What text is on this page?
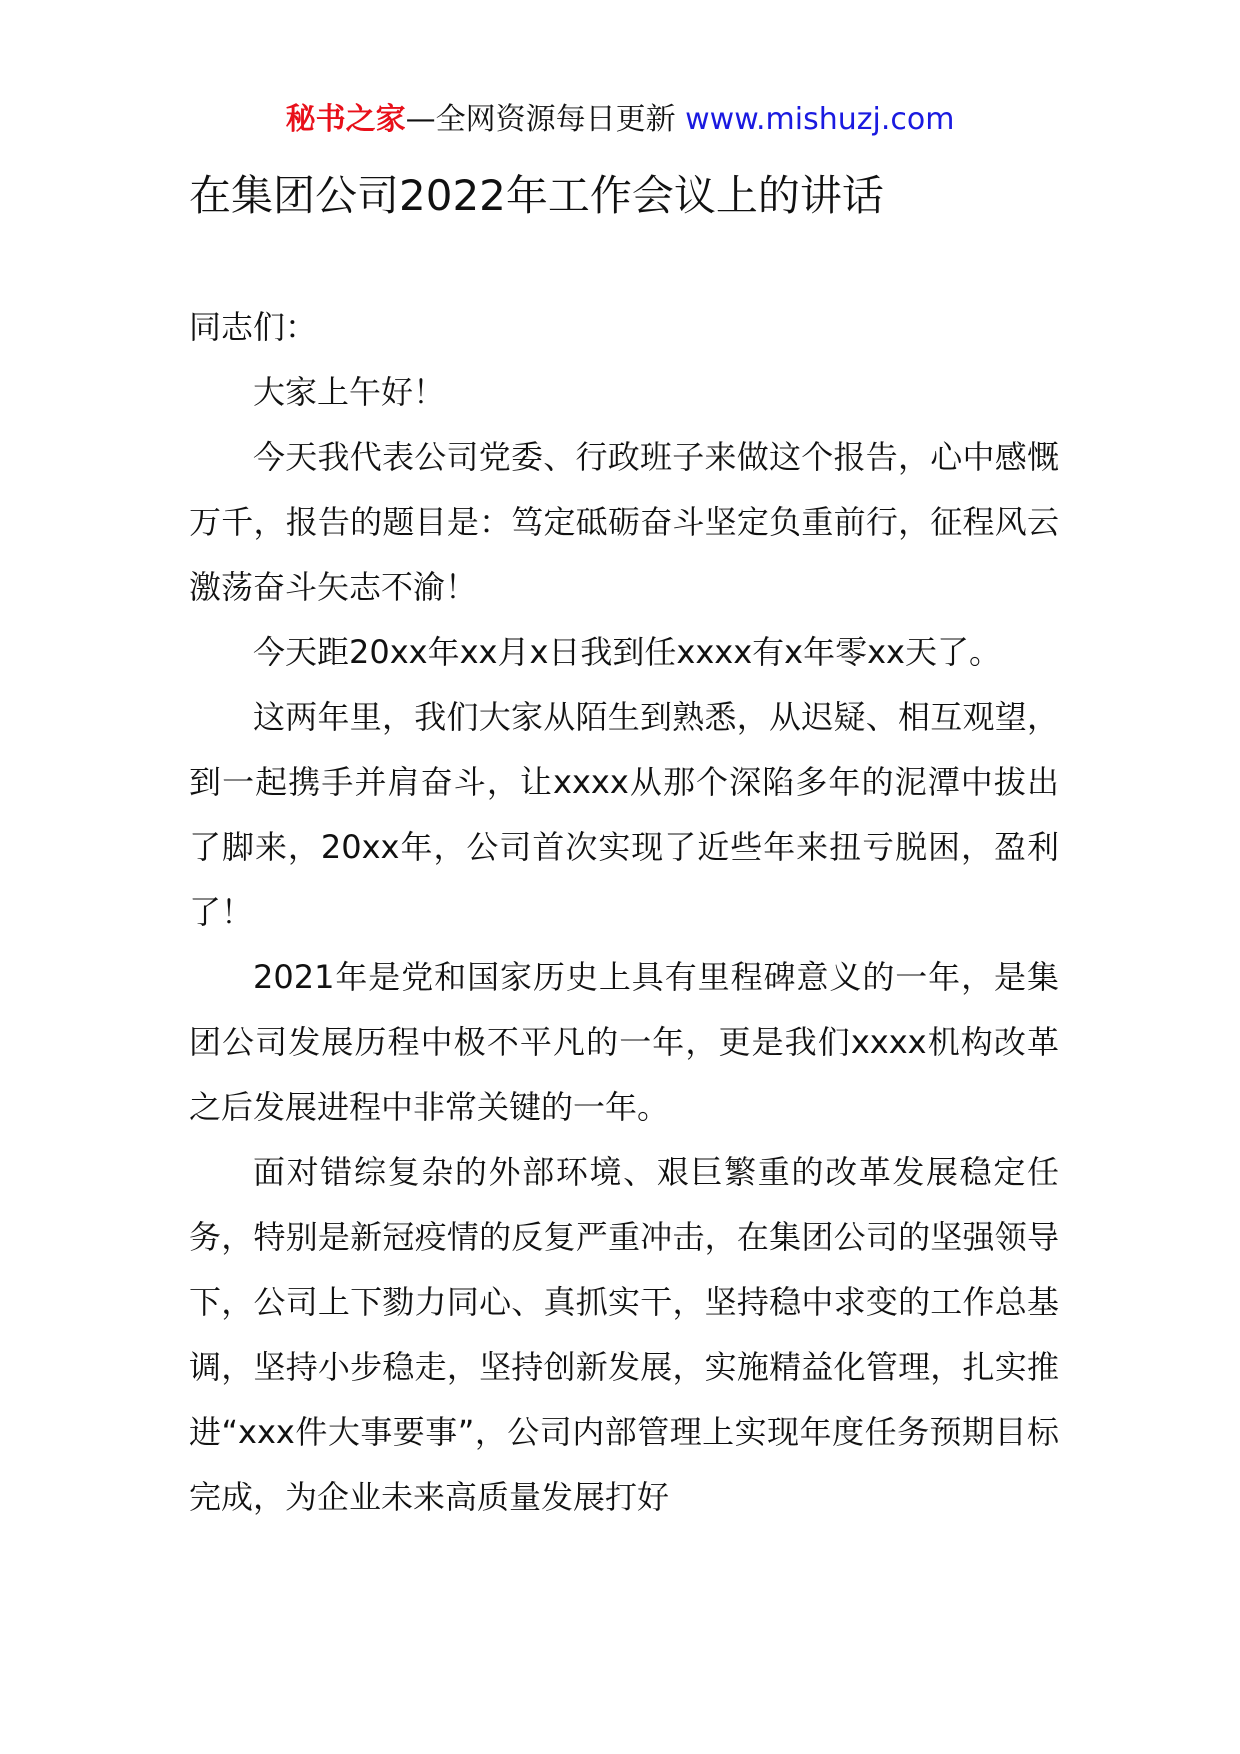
秘书之家—全网资源每日更新 www.mishuzj.com
在集团公司2022年工作会议上的讲话

同志们：

大家上午好！

今天我代表公司党委、行政班子来做这个报告，心中感慨万千，报告的题目是：笃定砥砺奋斗坚定负重前行，征程风云激荡奋斗矢志不渝！

今天距20xx年xx月x日我到任xxxx有x年零xx天了。

这两年里，我们大家从陌生到熟悉，从迟疑、相互观望，到一起携手并肩奋斗，让xxxx从那个深陷多年的泥潭中拔出了脚来，20xx年，公司首次实现了近些年来扭亏脱困，盈利了！

2021年是党和国家历史上具有里程碑意义的一年，是集团公司发展历程中极不平凡的一年，更是我们xxxx机构改革之后发展进程中非常关键的一年。

面对错综复杂的外部环境、艰巨繁重的改革发展稳定任务，特别是新冠疫情的反复严重冲击，在集团公司的坚强领导下，公司上下勠力同心、真抓实干，坚持稳中求变的工作总基调，坚持小步稳走，坚持创新发展，实施精益化管理，扎实推进“xxx件大事要事”，公司内部管理上实现年度任务预期目标完成，为企业未来高质量发展打好
